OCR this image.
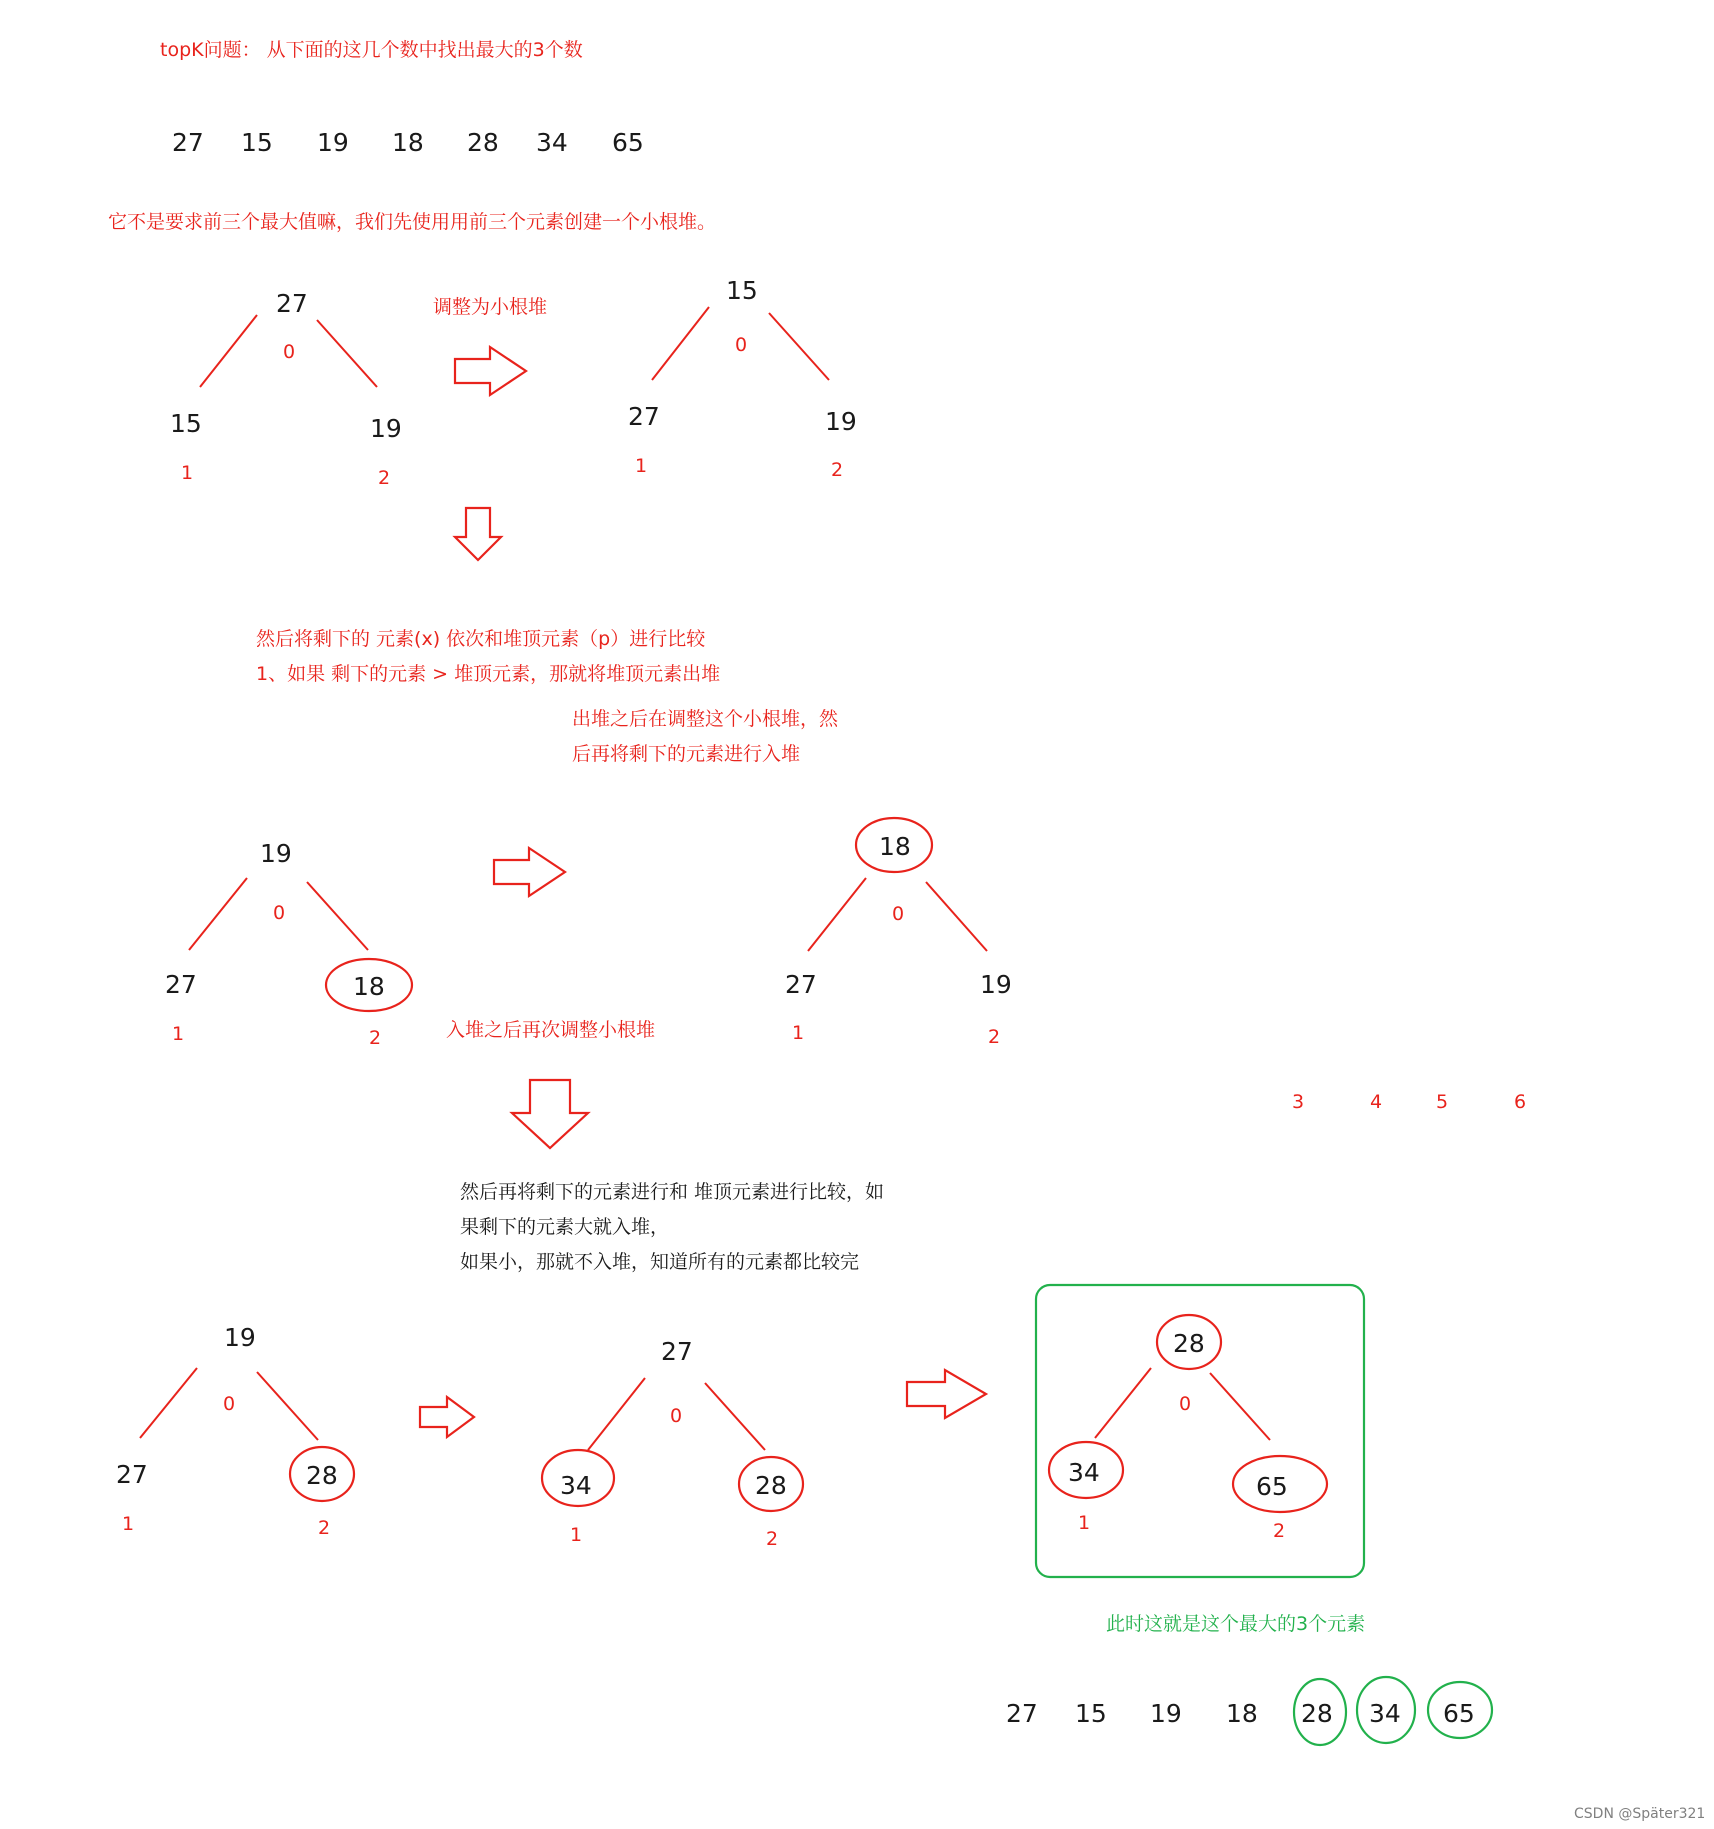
topK问题： 从下面的这几个数中找出最大的3个数
27 15 19 18 28 34 65
它不是要求前三个最大值嘛，我们先使用用前三个元素创建一个小根堆。
27
0
15
1
19
2
调整为小根堆
15
0
27
1
19
2
然后将剩下的 元素(x) 依次和堆顶元素（p）进行比较
1、如果 剩下的元素 > 堆顶元素，那就将堆顶元素出堆
出堆之后在调整这个小根堆，然
后再将剩下的元素进行入堆
19
0
27
1
18
2	入堆之后再次调整小根堆
18
0
27
1
19
2
3	4	5	6
然后再将剩下的元素进行和 堆顶元素进行比较，如
果剩下的元素大就入堆，
如果小，那就不入堆，知道所有的元素都比较完
19
0
27
1
28
2
27
0
34
1
28
2
28
0
34
1
65
2
此时这就是这个最大的3个元素
27 15 19 18 28 34 65
CSDN @Später321
